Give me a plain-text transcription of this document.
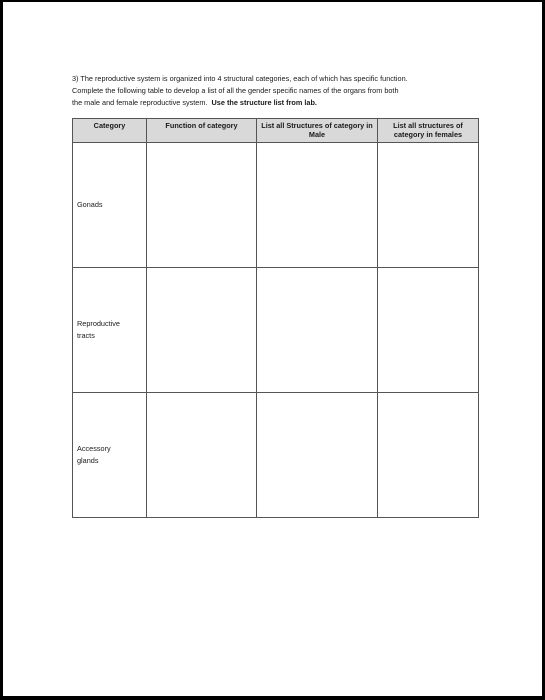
3) The reproductive system is organized into 4 structural categories, each of which has specific function.
Complete the following table to develop a list of all the gender specific names of the organs from both
the male and female reproductive system. Use the structure list from lab.

Category	Function of category	List all Structures of category in Male	List all structures of category in females

Gonads			
Reproductive tracts			
Accessory glands			
